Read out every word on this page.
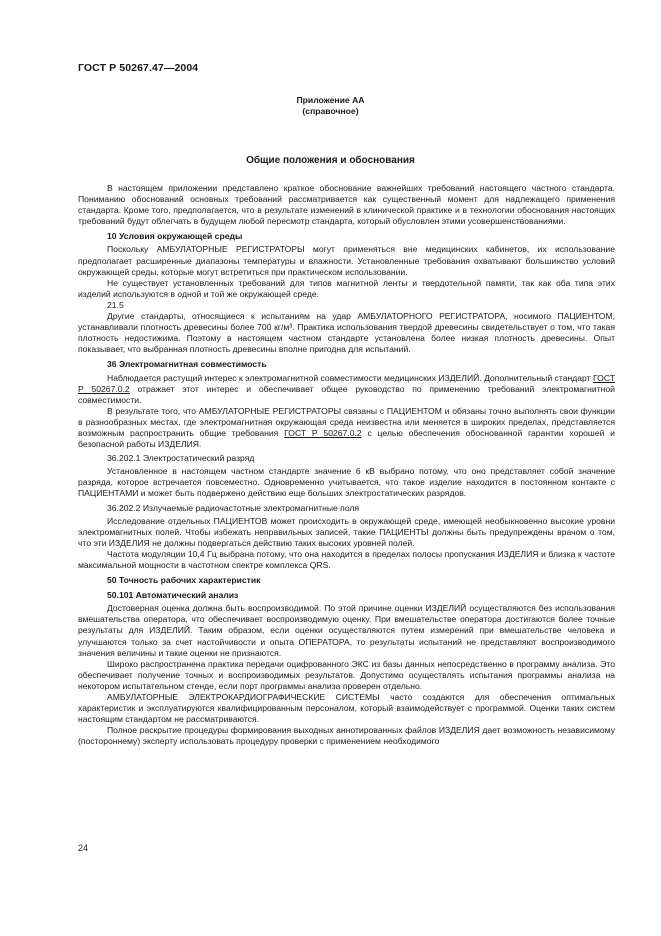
ГОСТ Р 50267.47—2004
Приложение АА
(справочное)
Общие положения и обоснования

В настоящем приложении представлено краткое обоснование важнейших требований настоящего частного стандарта. Пониманию обоснований основных требований рассматривается как существенный момент для надлежащего применения стандарта. Кроме того, предполагается, что в результате изменений в клинической практике и в технологии обоснования настоящих требований будут облегчать в будущем любой пересмотр стандарта, который обусловлен этими усовершенствованиями.

10 Условия окружающей среды

Поскольку АМБУЛАТОРНЫЕ РЕГИСТРАТОРЫ могут применяться вне медицинских кабинетов, их использование предполагает расширенные диапазоны температуры и влажности. Установленные требования охватывают большинство условий окружающей среды, которые могут встретиться при практическом использовании.

Не существует установленных требований для типов магнитной ленты и твердотельной памяти, так как оба типа этих изделий используются в одной и той же окружающей среде.

21.5

Другие стандарты, относящиеся к испытаниям на удар АМБУЛАТОРНОГО РЕГИСТРАТОРА, носимого ПАЦИЕНТОМ, устанавливали плотность древесины более 700 кг/м³. Практика использования твердой древесины свидетельствует о том, что такая плотность недостижима. Поэтому в настоящем частном стандарте установлена более низкая плотность древесины. Опыт показывает, что выбранная плотность древесины вполне пригодна для испытаний.

36 Электромагнитная совместимость

Наблюдается растущий интерес к электромагнитной совместимости медицинских ИЗДЕЛИЙ. Дополнительный стандарт ГОСТ Р 50267.0.2 отражает этот интерес и обеспечивает общее руководство по применению требований электромагнитной совместимости.

В результате того, что АМБУЛАТОРНЫЕ РЕГИСТРАТОРЫ связаны с ПАЦИЕНТОМ и обязаны точно выполнять свои функции в разнообразных местах, где электромагнитная окружающая среда неизвестна или меняется в широких пределах, представляется возможным распространить общие требования ГОСТ Р 50267.0.2 с целью обеспечения обоснованной гарантии хорошей и безопасной работы ИЗДЕЛИЯ.

36.202.1 Электростатический разряд

Установленное в настоящем частном стандарте значение 6 кВ выбрано потому, что оно представляет собой значение разряда, которое встречается повсеместно. Одновременно учитывается, что такое изделие находится в постоянном контакте с ПАЦИЕНТАМИ и может быть подвержено действию еще больших электростатических разрядов.

36.202.2 Излучаемые радиочастотные электромагнитные поля

Исследование отдельных ПАЦИЕНТОВ может происходить в окружающей среде, имеющей необыкновенно высокие уровни электромагнитных полей. Чтобы избежать неправильных записей, такие ПАЦИЕНТЫ должны быть предупреждены врачом о том, что эти ИЗДЕЛИЯ не должны подвергаться действию таких высоких уровней полей.

Частота модуляции 10,4 Гц выбрана потому, что она находится в пределах полосы пропускания ИЗДЕЛИЯ и близка к частоте максимальной мощности в частотном спектре комплекса QRS.

50 Точность рабочих характеристик

50.101 Автоматический анализ

Достоверная оценка должна быть воспроизводимой. По этой причине оценки ИЗДЕЛИЙ осуществляются без использования вмешательства оператора, что обеспечивает воспроизводимую оценку. При вмешательстве оператора достигаются более точные результаты для ИЗДЕЛИЙ. Таким образом, если оценки осуществляются путем измерений при вмешательстве человека и улучшаются только за счет настойчивости и опыта ОПЕРАТОРА, то результаты испытаний не представляют воспроизводимого значения величины и такие оценки не признаются.

Широко распространена практика передачи оцифрованного ЭКС из базы данных непосредственно в программу анализа. Это обеспечивает получение точных и воспроизводимых результатов. Допустимо осуществлять испытания программы анализа на некотором испытательном стенде, если порт программы анализа проверен отдельно.

АМБУЛАТОРНЫЕ ЭЛЕКТРОКАРДИОГРАФИЧЕСКИЕ СИСТЕМЫ часто создаются для обеспечения оптимальных характеристик и эксплуатируются квалифицированным персоналом, который взаимодействует с программой. Оценки таких систем настоящим стандартом не рассматриваются.

Полное раскрытие процедуры формирования выходных аннотированных файлов ИЗДЕЛИЯ дает возможность независимому (постороннему) эксперту использовать процедуру проверки с применением необходимого

24
